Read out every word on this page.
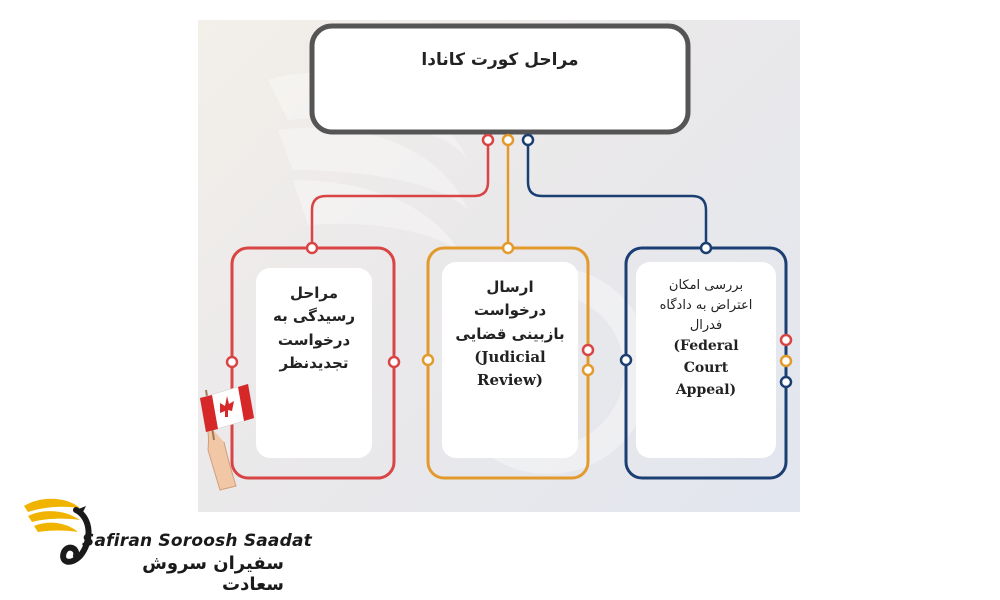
مراحل کورت کانادا
مراحل
رسیدگی به
درخواست
تجدیدنظر
ارسال
درخواست
بازبینی قضایی
(Judicial
Review)
بررسی امکان
اعتراض به دادگاه
فدرال
(Federal
Court
Appeal)
Safiran Soroosh Saadat
سفیران سروش سعادت
